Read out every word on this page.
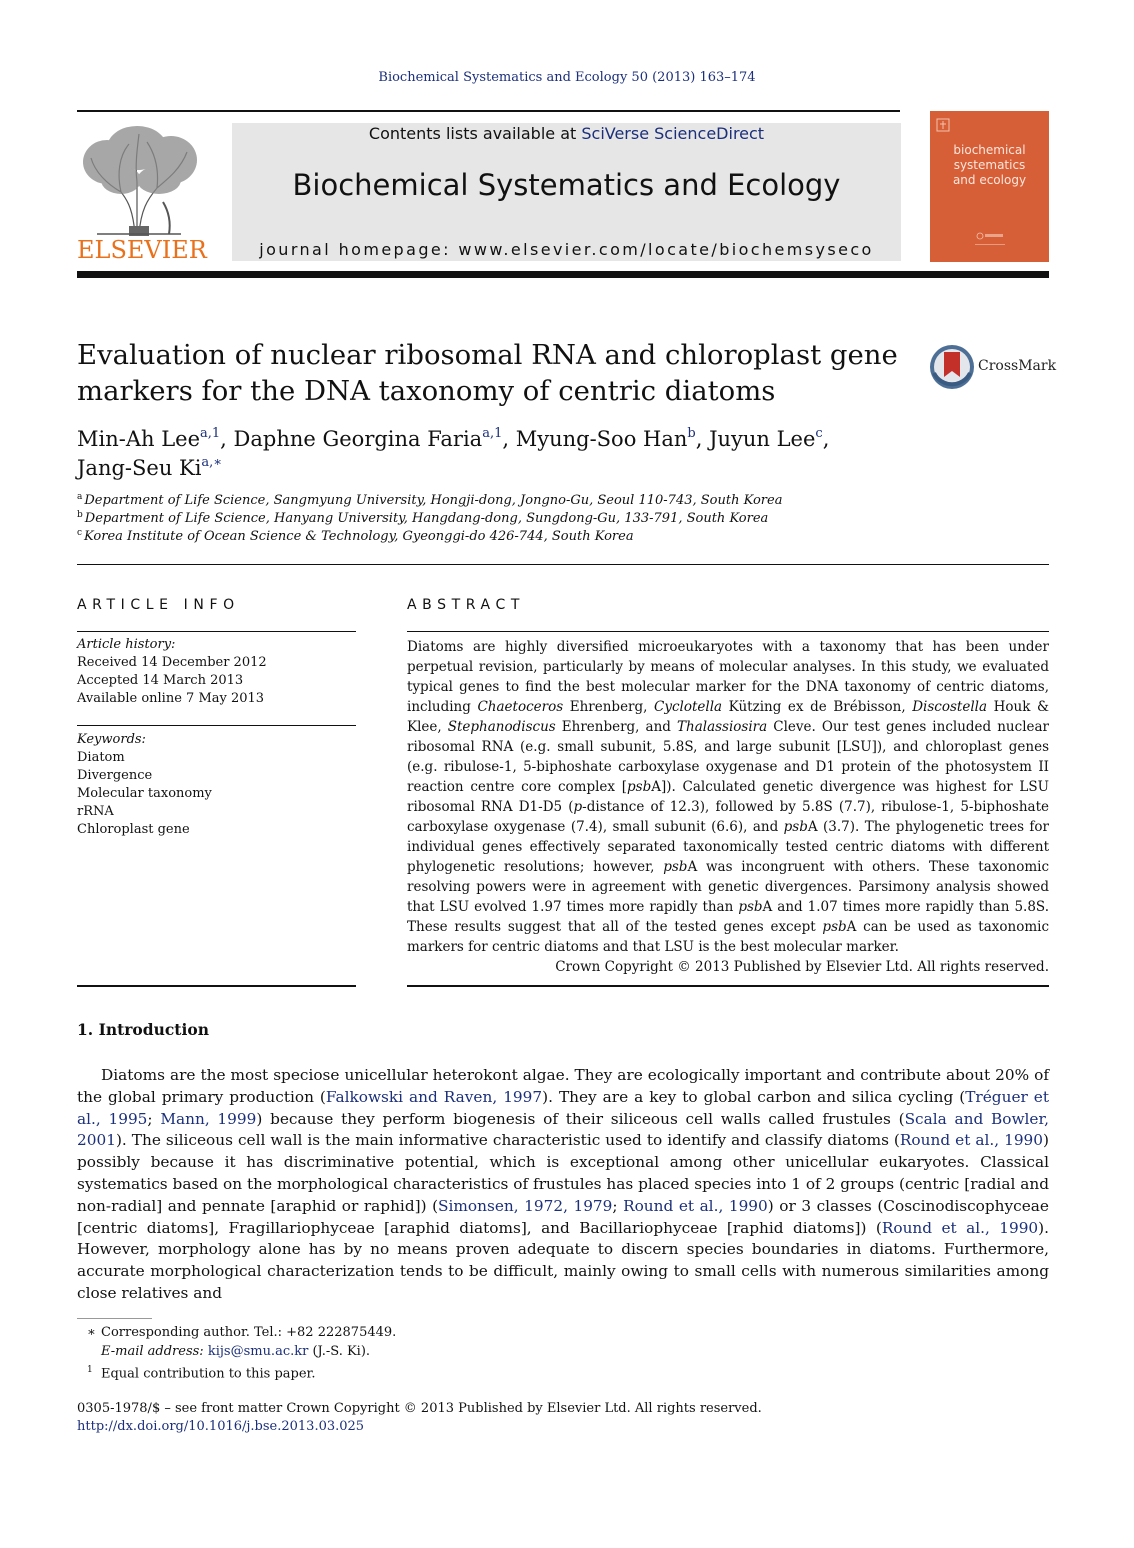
Biochemical Systematics and Ecology 50 (2013) 163–174
ELSEVIER
Contents lists available at SciVerse ScienceDirect
Biochemical Systematics and Ecology
journal homepage: www.elsevier.com/locate/biochemsyseco
biochemical
systematics
and ecology
Evaluation of nuclear ribosomal RNA and chloroplast gene
markers for the DNA taxonomy of centric diatoms
CrossMark
Min-Ah Lee$^{a,1}$, Daphne Georgina Faria$^{a,1}$, Myung-Soo Han$^b$, Juyun Lee$^c$,
Jang-Seu $Ki^{a,∗}$
$^a$ Department of Life Science, Sangmyung University, Hongji-dong, Jongno-Gu, Seoul 110-743, South Korea
$^b$ Department of Life Science, Hanyang University, Hangdang-dong, Sungdong-Gu, 133-791, South Korea
$^c$ Korea Institute of Ocean Science & Technology, Gyeonggi-do 426-744, South Korea
ARTICLE INFO
Article history:
Received 14 December 2012
Accepted 14 March 2013
Available online 7 May 2013
Keywords:
Diatom
Divergence
Molecular taxonomy
rRNA
Chloroplast gene
ABSTRACT

Diatoms are highly diversified microeukaryotes with a taxonomy that has been under perpetual revision, particularly by means of molecular analyses. In this study, we evaluated typical genes to find the best molecular marker for the DNA taxonomy of centric diatoms, including Chaetoceros Ehrenberg, Cyclotella Kützing ex de Brébisson, Discostella Houk & Klee, Stephanodiscus Ehrenberg, and Thalassiosira Cleve. Our test genes included nuclear ribosomal RNA (e.g. small subunit, 5.8S, and large subunit [LSU]), and chloroplast genes (e.g. ribulose-1, 5-biphoshate carboxylase oxygenase and D1 protein of the photosystem II reaction centre core complex [psbA]). Calculated genetic divergence was highest for LSU ribosomal RNA D1-D5 (p-distance of 12.3), followed by 5.8S (7.7), ribulose-1, 5-biphoshate carboxylase oxygenase (7.4), small subunit (6.6), and psbA (3.7). The phylogenetic trees for individual genes effectively separated taxonomically tested centric diatoms with different phylogenetic resolutions; however, psbA was incongruent with others. These taxonomic resolving powers were in agreement with genetic divergences. Parsimony analysis showed that LSU evolved 1.97 times more rapidly than psbA and 1.07 times more rapidly than 5.8S. These results suggest that all of the tested genes except psbA can be used as taxonomic markers for centric diatoms and that LSU is the best molecular marker.

Crown Copyright © 2013 Published by Elsevier Ltd. All rights reserved.

1. Introduction
Diatoms are the most speciose unicellular heterokont algae. They are ecologically important and contribute about 20% of the global primary production (Falkowski and Raven, 1997). They are a key to global carbon and silica cycling (Tréguer et al., 1995; Mann, 1999) because they perform biogenesis of their siliceous cell walls called frustules (Scala and Bowler, 2001). The siliceous cell wall is the main informative characteristic used to identify and classify diatoms (Round et al., 1990) possibly because it has discriminative potential, which is exceptional among other unicellular eukaryotes. Classical systematics based on the morphological characteristics of frustules has placed species into 1 of 2 groups (centric [radial and non-radial] and pennate [araphid or raphid]) (Simonsen, 1972, 1979; Round et al., 1990) or 3 classes (Coscinodiscophyceae [centric diatoms], Fragillariophyceae [araphid diatoms], and Bacillariophyceae [raphid diatoms]) (Round et al., 1990). However, morphology alone has by no means proven adequate to discern species boundaries in diatoms. Furthermore, accurate morphological characterization tends to be difficult, mainly owing to small cells with numerous similarities among close relatives and
∗ Corresponding author. Tel.: +82 222875449.
E-mail address: kijs@smu.ac.kr (J.-S. Ki).
$^1$ Equal contribution to this paper.
0305-1978/$ – see front matter Crown Copyright © 2013 Published by Elsevier Ltd. All rights reserved.
http://dx.doi.org/10.1016/j.bse.2013.03.025
